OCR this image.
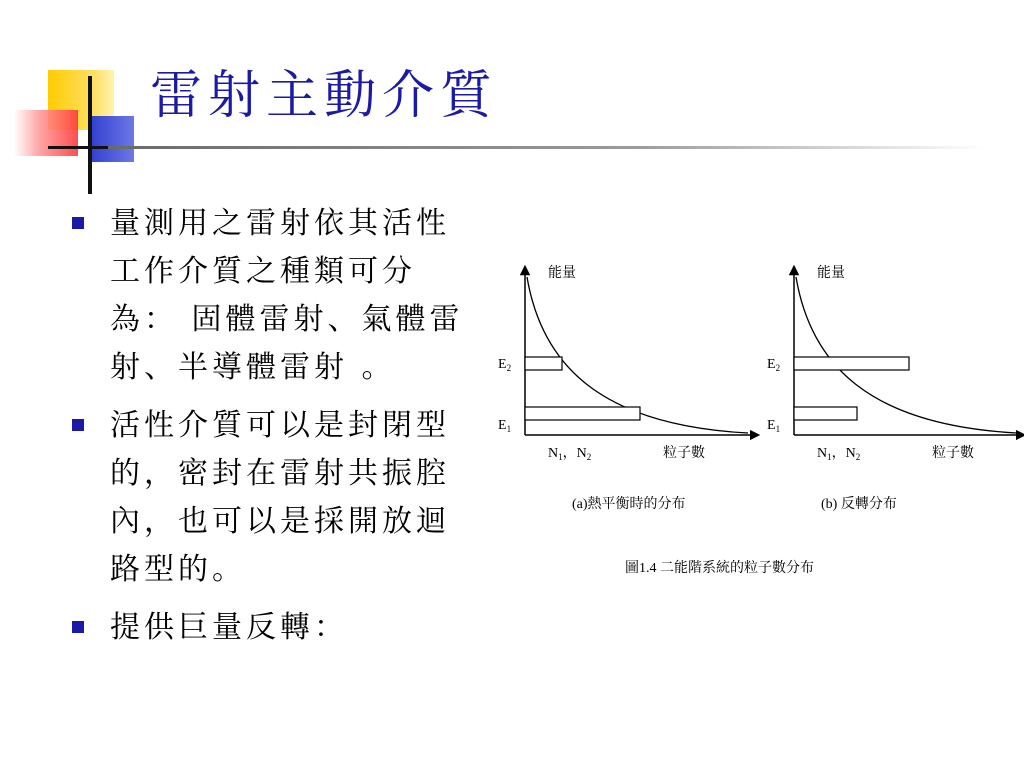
雷射主動介質
量測用之雷射依其活性工作介質之種類可分為： 固體雷射、氣體雷射、半導體雷射 。
活性介質可以是封閉型的，密封在雷射共振腔內，也可以是採開放迴路型的。
提供巨量反轉：
能量
$E_2$
$E_1$
$N_1$，$N_2$	粒子數
(a)熱平衡時的分布
能量
$E_2$
$E_1$
$N_1$，$N_2$	粒子數
(b) 反轉分布
圖1.4 二能階系統的粒子數分布
